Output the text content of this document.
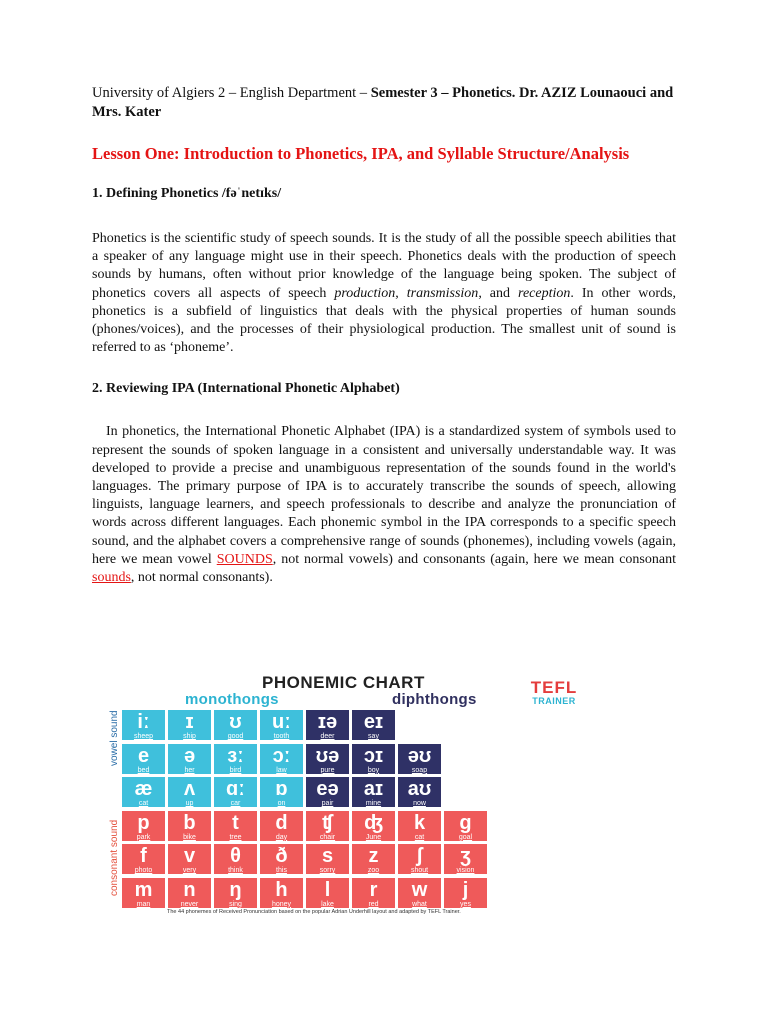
University of Algiers 2 – English Department – Semester 3 – Phonetics. Dr. AZIZ Lounaouci and Mrs. Kater
Lesson One: Introduction to Phonetics, IPA, and Syllable Structure/Analysis
1. Defining Phonetics /fəˈnetɪks/
Phonetics is the scientific study of speech sounds. It is the study of all the possible speech abilities that a speaker of any language might use in their speech. Phonetics deals with the production of speech sounds by humans, often without prior knowledge of the language being spoken. The subject of phonetics covers all aspects of speech production, transmission, and reception. In other words, phonetics is a subfield of linguistics that deals with the physical properties of human sounds (phones/voices), and the processes of their physiological production. The smallest unit of sound is referred to as ‘phoneme’.
2. Reviewing IPA (International Phonetic Alphabet)
In phonetics, the International Phonetic Alphabet (IPA) is a standardized system of symbols used to represent the sounds of spoken language in a consistent and universally understandable way. It was developed to provide a precise and unambiguous representation of the sounds found in the world's languages. The primary purpose of IPA is to accurately transcribe the sounds of speech, allowing linguists, language learners, and speech professionals to describe and analyze the pronunciation of words across different languages. Each phonemic symbol in the IPA corresponds to a specific speech sound, and the alphabet covers a comprehensive range of sounds (phonemes), including vowels (again, here we mean vowel SOUNDS, not normal vowels) and consonants (again, here we mean consonant sounds, not normal consonants).
PHONEMIC CHART
monothongs	diphthongs
TEFL
TRAINER
vowel sound
consonant sound
iː
sheep
ɪ
ship
ʊ
good
uː
tooth
ɪə
deer
eɪ
say
e
bed
ə
her
ɜː
bird
ɔː
law
ʊə
pure
ɔɪ
boy
əʊ
soap
æ
cat
ʌ
up
ɑː
car
ɒ
on
eə
pair
aɪ
mine
aʊ
now
p
park
b
bike
t
tree
d
day
ʧ
chair
ʤ
June
k
cat
g
goal
f
photo
v
very
θ
think
ð
this
s
sorry
z
zoo
ʃ
shout
ʒ
vision
m
man
n
never
ŋ
sing
h
honey
l
lake
r
red
w
what
j
yes
The 44 phonemes of Received Pronunciation based on the popular Adrian Underhill layout and adapted by TEFL Trainer.
